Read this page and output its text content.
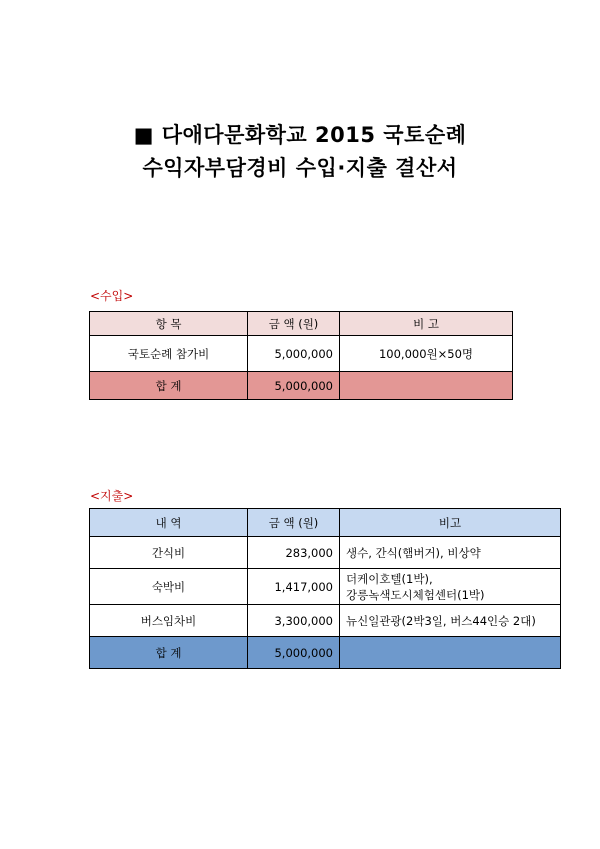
■ 다애다문화학교 2015 국토순례
수익자부담경비 수입·지출 결산서
<수입>
항 목	금 액 (원)	비 고
국토순례 참가비	5,000,000	100,000원×50명
합 계	5,000,000	
<지출>
내 역	금 액 (원)	비고
간식비	283,000	생수, 간식(햄버거), 비상약
숙박비	1,417,000	더케이호텔(1박),
강릉녹색도시체험센터(1박)

버스임차비	3,300,000	뉴신일관광(2박3일, 버스44인승 2대)
합 계	5,000,000	
